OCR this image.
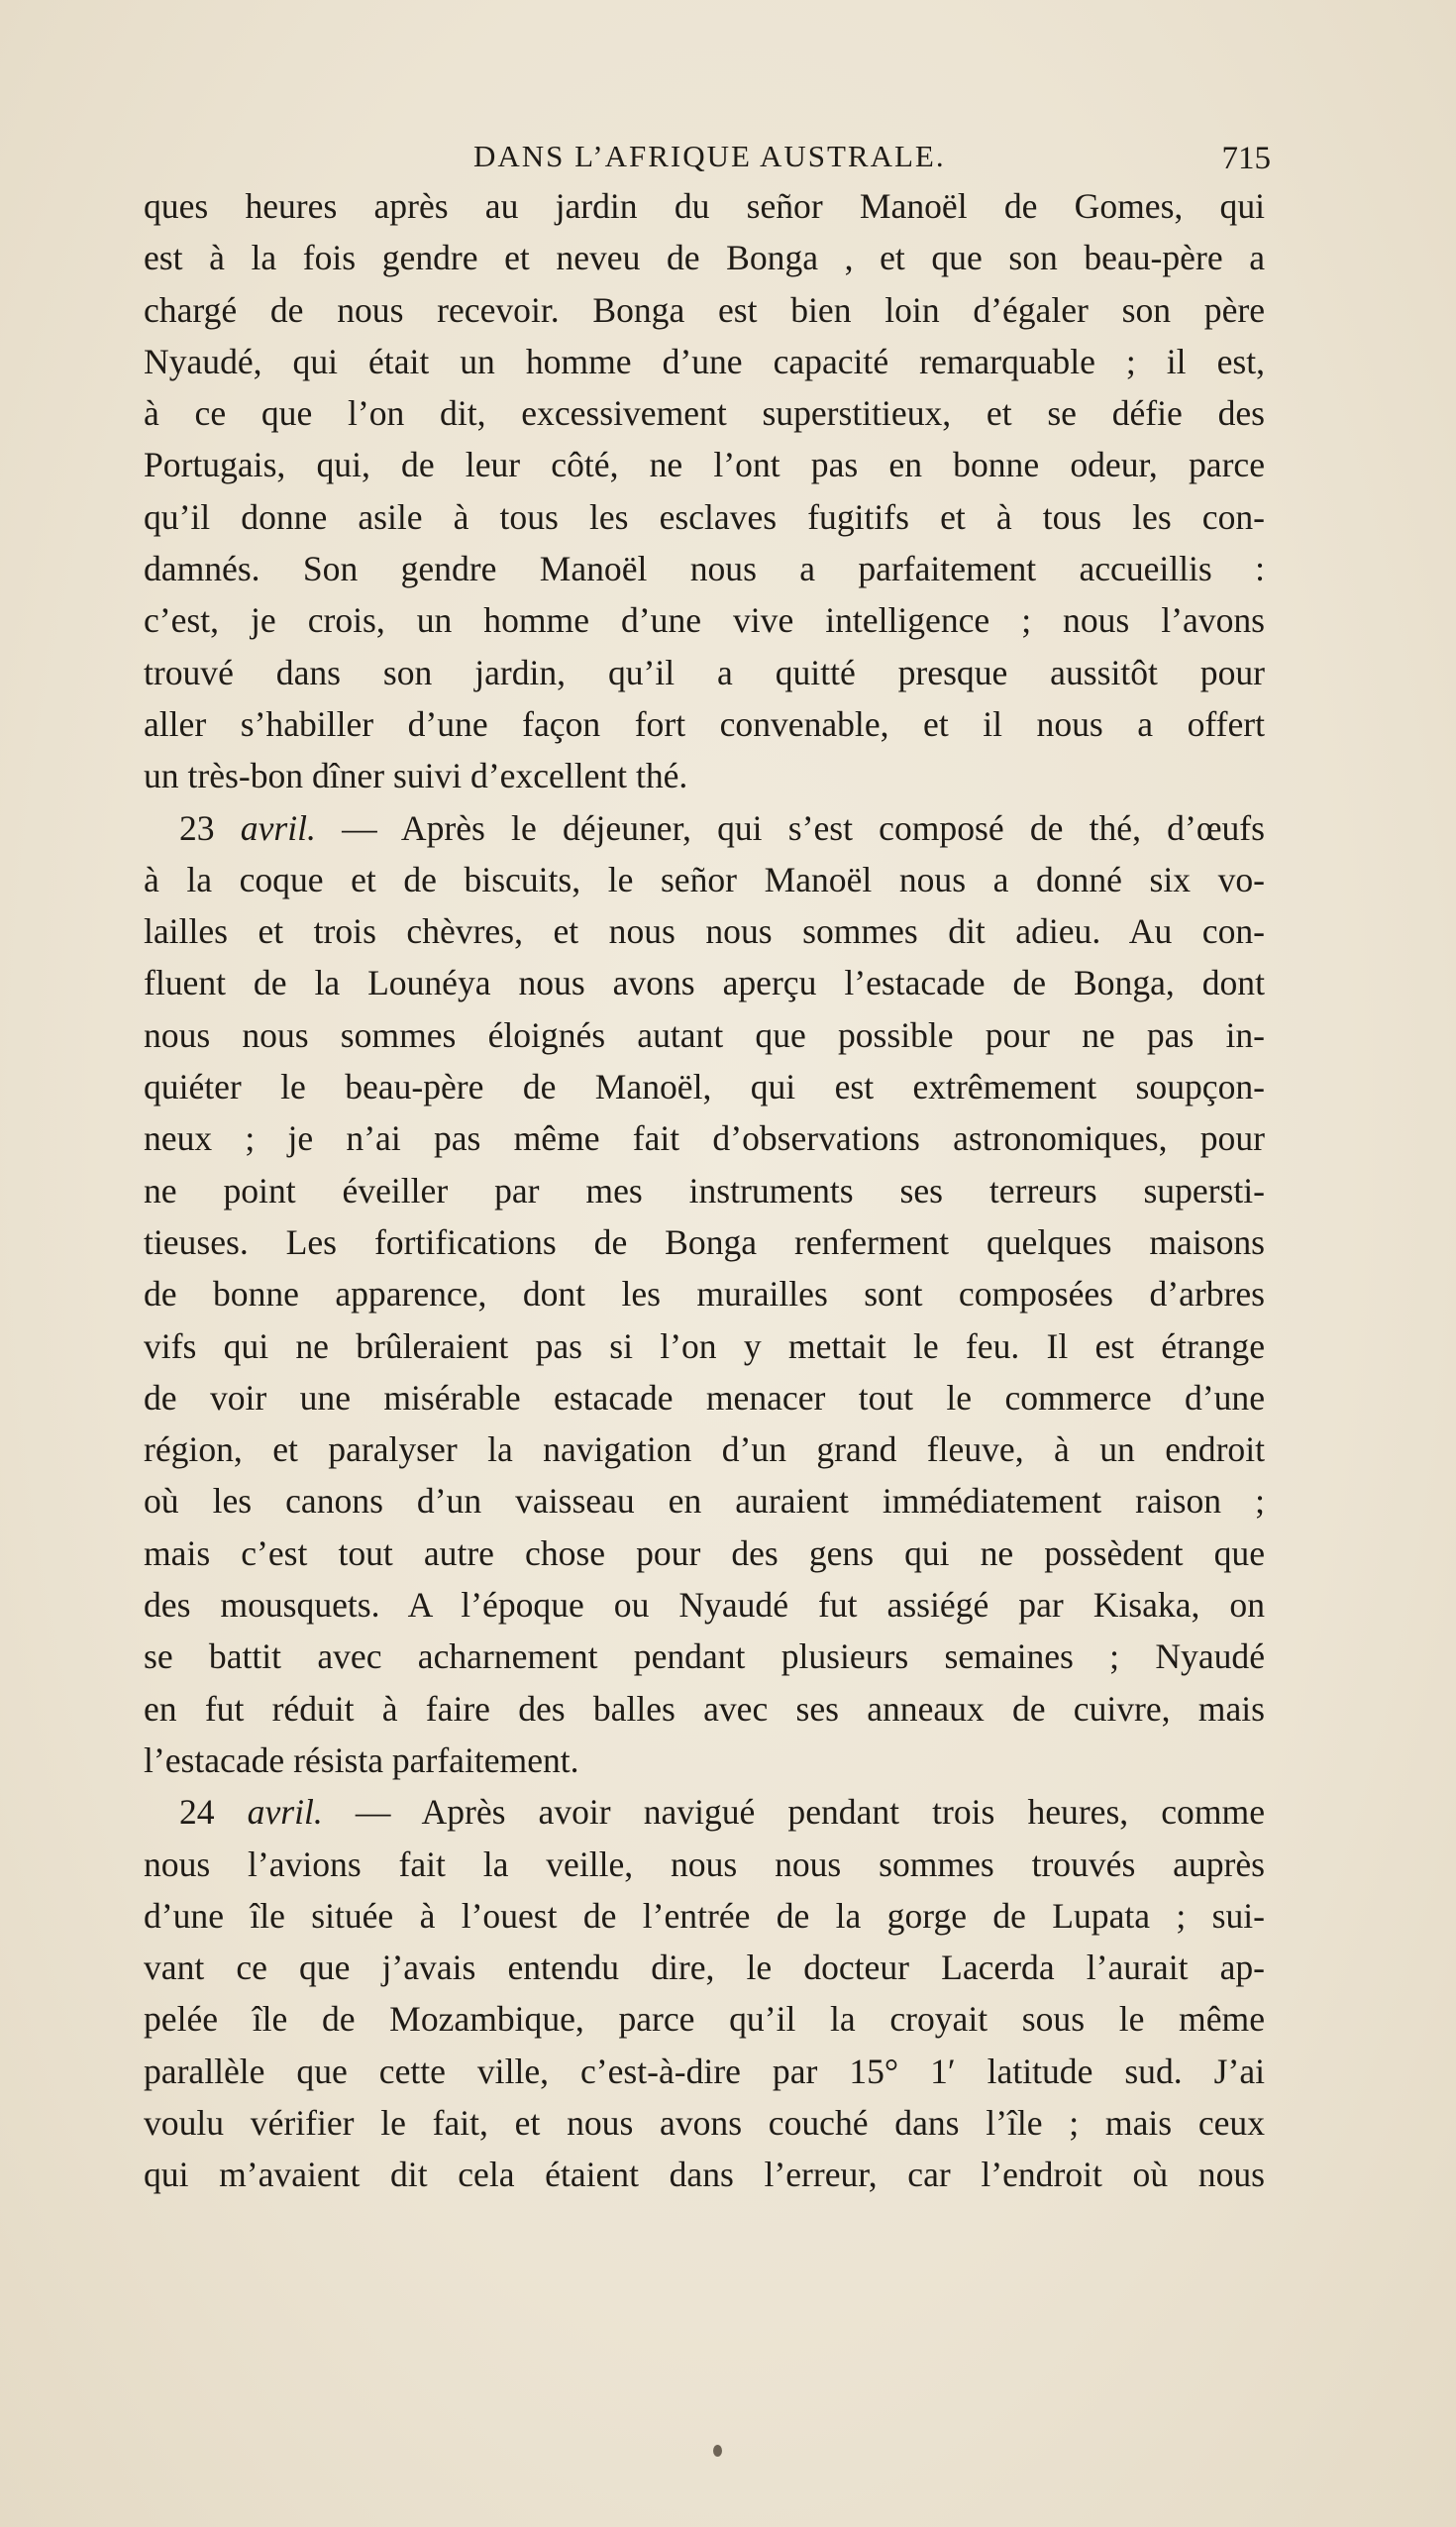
DANS L’AFRIQUE AUSTRALE.	715
ques heures après au jardin du señor Manoël de Gomes, qui
est à la fois gendre et neveu de Bonga , et que son beau-père a
chargé de nous recevoir. Bonga est bien loin d’égaler son père
Nyaudé, qui était un homme d’une capacité remarquable ; il est,
à ce que l’on dit, excessivement superstitieux, et se défie des
Portugais, qui, de leur côté, ne l’ont pas en bonne odeur, parce
qu’il donne asile à tous les esclaves fugitifs et à tous les con-
damnés. Son gendre Manoël nous a parfaitement accueillis :
c’est, je crois, un homme d’une vive intelligence ; nous l’avons
trouvé dans son jardin, qu’il a quitté presque aussitôt pour
aller s’habiller d’une façon fort convenable, et il nous a offert
un très-bon dîner suivi d’excellent thé.
23 avril. — Après le déjeuner, qui s’est composé de thé, d’œufs
à la coque et de biscuits, le señor Manoël nous a donné six vo-
lailles et trois chèvres, et nous nous sommes dit adieu. Au con-
fluent de la Lounéya nous avons aperçu l’estacade de Bonga, dont
nous nous sommes éloignés autant que possible pour ne pas in-
quiéter le beau-père de Manoël, qui est extrêmement soupçon-
neux ; je n’ai pas même fait d’observations astronomiques, pour
ne point éveiller par mes instruments ses terreurs supersti-
tieuses. Les fortifications de Bonga renferment quelques maisons
de bonne apparence, dont les murailles sont composées d’arbres
vifs qui ne brûleraient pas si l’on y mettait le feu. Il est étrange
de voir une misérable estacade menacer tout le commerce d’une
région, et paralyser la navigation d’un grand fleuve, à un endroit
où les canons d’un vaisseau en auraient immédiatement raison ;
mais c’est tout autre chose pour des gens qui ne possèdent que
des mousquets. A l’époque ou Nyaudé fut assiégé par Kisaka, on
se battit avec acharnement pendant plusieurs semaines ; Nyaudé
en fut réduit à faire des balles avec ses anneaux de cuivre, mais
l’estacade résista parfaitement.
24 avril. — Après avoir navigué pendant trois heures, comme
nous l’avions fait la veille, nous nous sommes trouvés auprès
d’une île située à l’ouest de l’entrée de la gorge de Lupata ; sui-
vant ce que j’avais entendu dire, le docteur Lacerda l’aurait ap-
pelée île de Mozambique, parce qu’il la croyait sous le même
parallèle que cette ville, c’est-à-dire par 15° 1′ latitude sud. J’ai
voulu vérifier le fait, et nous avons couché dans l’île ; mais ceux
qui m’avaient dit cela étaient dans l’erreur, car l’endroit où nous
